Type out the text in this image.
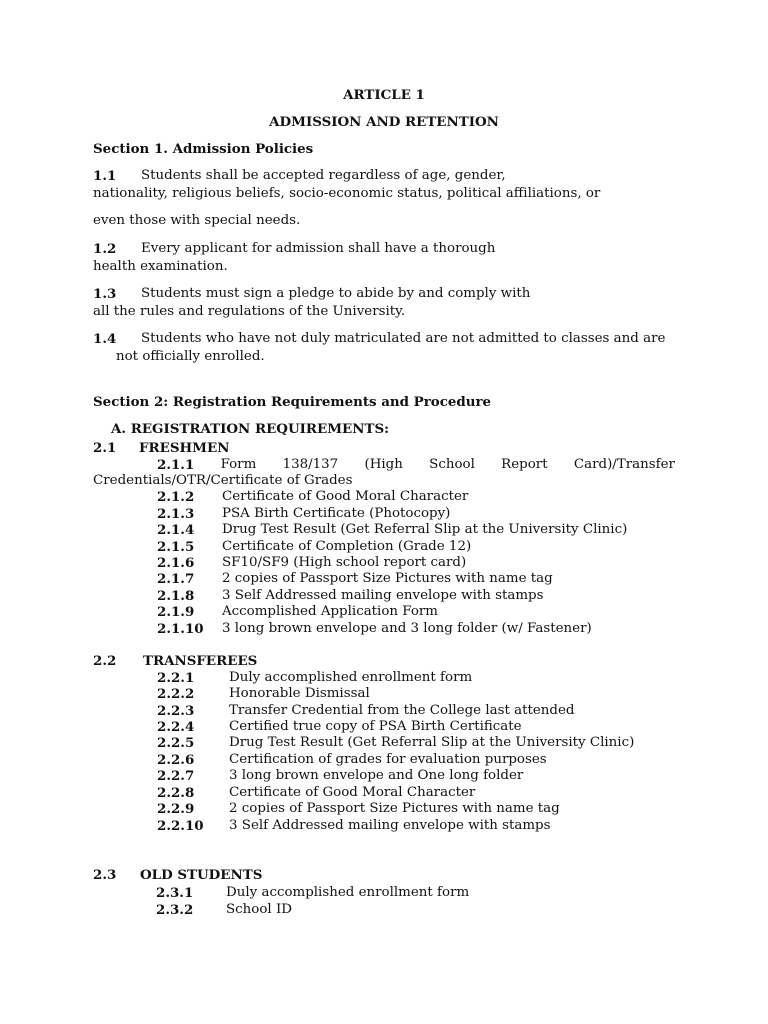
ARTICLE 1
ADMISSION AND RETENTION
Section 1. Admission Policies
1.1 Students shall be accepted regardless of age, gender,
nationality, religious beliefs, socio-economic status, political affiliations, or
even those with special needs.
1.2 Every applicant for admission shall have a thorough
health examination.
1.3 Students must sign a pledge to abide by and comply with
all the rules and regulations of the University.
1.4 Students who have not duly matriculated are not admitted to classes and are
not officially enrolled.
Section 2: Registration Requirements and Procedure
A. REGISTRATION REQUIREMENTS:
2.1 FRESHMEN
2.1.1 Form 138/137 (High School Report Card)/Transfer
Credentials/OTR/Certificate of Grades
2.1.2 Certificate of Good Moral Character
2.1.3 PSA Birth Certificate (Photocopy)
2.1.4 Drug Test Result (Get Referral Slip at the University Clinic)
2.1.5 Certificate of Completion (Grade 12)
2.1.6 SF10/SF9 (High school report card)
2.1.7 2 copies of Passport Size Pictures with name tag
2.1.8 3 Self Addressed mailing envelope with stamps
2.1.9 Accomplished Application Form
2.1.10 3 long brown envelope and 3 long folder (w/ Fastener)
2.2 TRANSFEREES
2.2.1	Duly accomplished enrollment form
2.2.2	Honorable Dismissal
2.2.3	Transfer Credential from the College last attended
2.2.4	Certified true copy of PSA Birth Certificate
2.2.5	Drug Test Result (Get Referral Slip at the University Clinic)
2.2.6	Certification of grades for evaluation purposes
2.2.7	3 long brown envelope and One long folder
2.2.8	Certificate of Good Moral Character
2.2.9	2 copies of Passport Size Pictures with name tag
2.2.10 3 Self Addressed mailing envelope with stamps
2.3 OLD STUDENTS
2.3.1 Duly accomplished enrollment form
2.3.2 School ID
